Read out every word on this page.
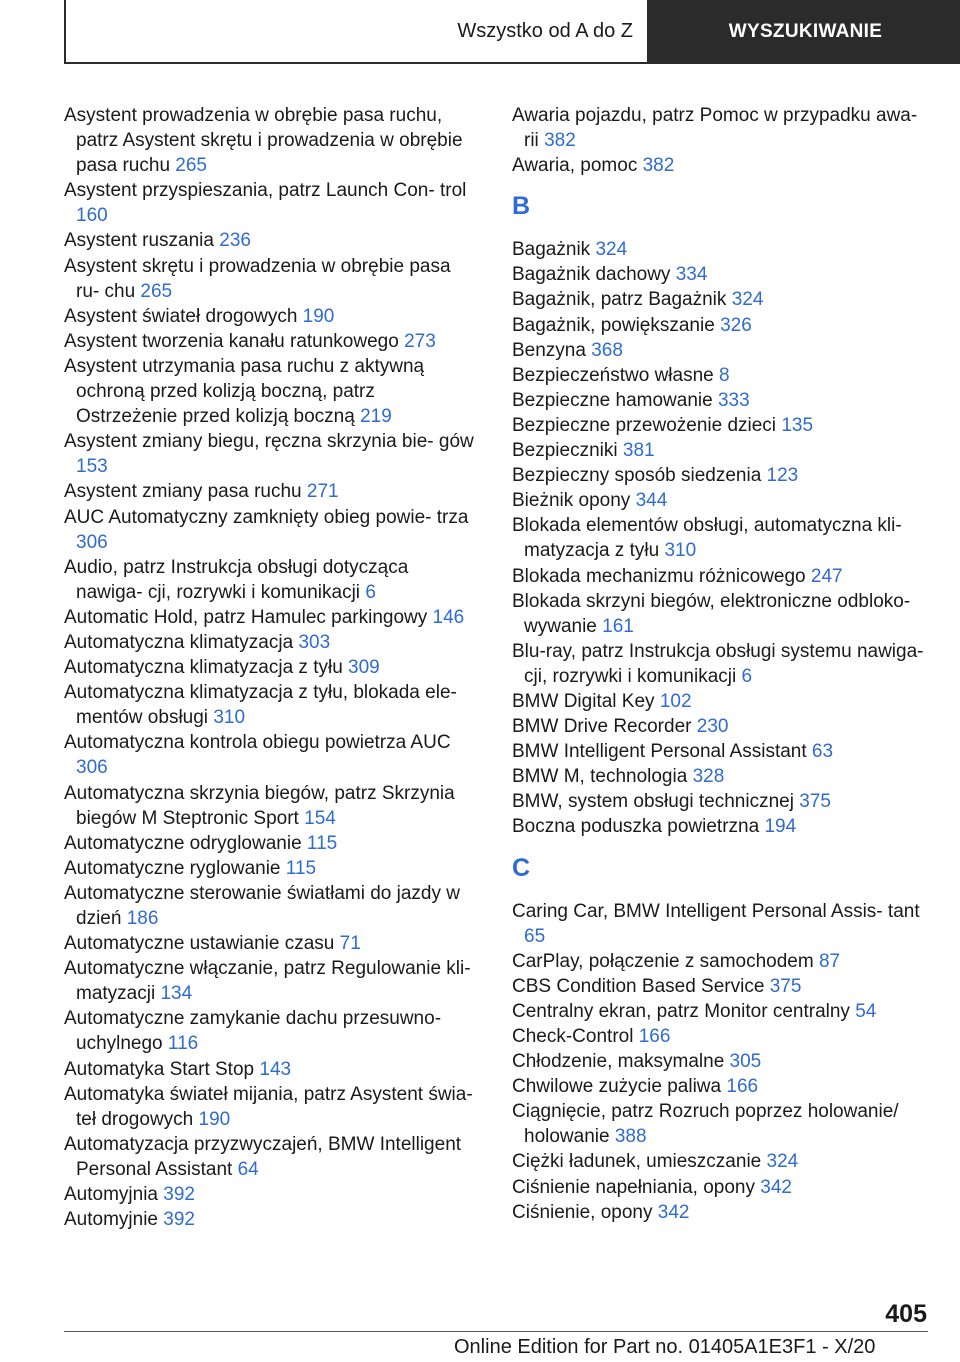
Wszystko od A do Z	WYSZUKIWANIE
Asystent prowadzenia w obrębie pasa ruchu, patrz Asystent skrętu i prowadzenia w obrębie pasa ruchu 265
Asystent przyspieszania, patrz Launch Con‐ trol 160
Asystent ruszania 236
Asystent skrętu i prowadzenia w obrębie pasa ru‐ chu 265
Asystent świateł drogowych 190
Asystent tworzenia kanału ratunkowego 273
Asystent utrzymania pasa ruchu z aktywną ochroną przed kolizją boczną, patrz Ostrzeżenie przed kolizją boczną 219
Asystent zmiany biegu, ręczna skrzynia bie‐ gów 153
Asystent zmiany pasa ruchu 271
AUC Automatyczny zamknięty obieg powie‐ trza 306
Audio, patrz Instrukcja obsługi dotycząca nawiga‐ cji, rozrywki i komunikacji 6
Automatic Hold, patrz Hamulec parkingowy 146
Automatyczna klimatyzacja 303
Automatyczna klimatyzacja z tyłu 309
Automatyczna klimatyzacja z tyłu, blokada ele‐ mentów obsługi 310
Automatyczna kontrola obiegu powietrza AUC 306
Automatyczna skrzynia biegów, patrz Skrzynia biegów M Steptronic Sport 154
Automatyczne odryglowanie 115
Automatyczne ryglowanie 115
Automatyczne sterowanie światłami do jazdy w dzień 186
Automatyczne ustawianie czasu 71
Automatyczne włączanie, patrz Regulowanie kli‐ matyzacji 134
Automatyczne zamykanie dachu przesuwno‐ uchylnego 116
Automatyka Start Stop 143
Automatyka świateł mijania, patrz Asystent świa‐ teł drogowych 190
Automatyzacja przyzwyczajeń, BMW Intelligent Personal Assistant 64
Automyjnia 392
Automyjnie 392
Awaria pojazdu, patrz Pomoc w przypadku awa‐ rii 382
Awaria, pomoc 382
B
Bagażnik 324
Bagażnik dachowy 334
Bagażnik, patrz Bagażnik 324
Bagażnik, powiększanie 326
Benzyna 368
Bezpieczeństwo własne 8
Bezpieczne hamowanie 333
Bezpieczne przewożenie dzieci 135
Bezpieczniki 381
Bezpieczny sposób siedzenia 123
Bieżnik opony 344
Blokada elementów obsługi, automatyczna kli‐ matyzacja z tyłu 310
Blokada mechanizmu różnicowego 247
Blokada skrzyni biegów, elektroniczne odbloko‐ wywanie 161
Blu-ray, patrz Instrukcja obsługi systemu nawiga‐ cji, rozrywki i komunikacji 6
BMW Digital Key 102
BMW Drive Recorder 230
BMW Intelligent Personal Assistant 63
BMW M, technologia 328
BMW, system obsługi technicznej 375
Boczna poduszka powietrzna 194
C
Caring Car, BMW Intelligent Personal Assis‐ tant 65
CarPlay, połączenie z samochodem 87
CBS Condition Based Service 375
Centralny ekran, patrz Monitor centralny 54
Check-Control 166
Chłodzenie, maksymalne 305
Chwilowe zużycie paliwa 166
Ciągnięcie, patrz Rozruch poprzez holowanie/ holowanie 388
Ciężki ładunek, umieszczanie 324
Ciśnienie napełniania, opony 342
Ciśnienie, opony 342
405
Online Edition for Part no. 01405A1E3F1 - X/20
